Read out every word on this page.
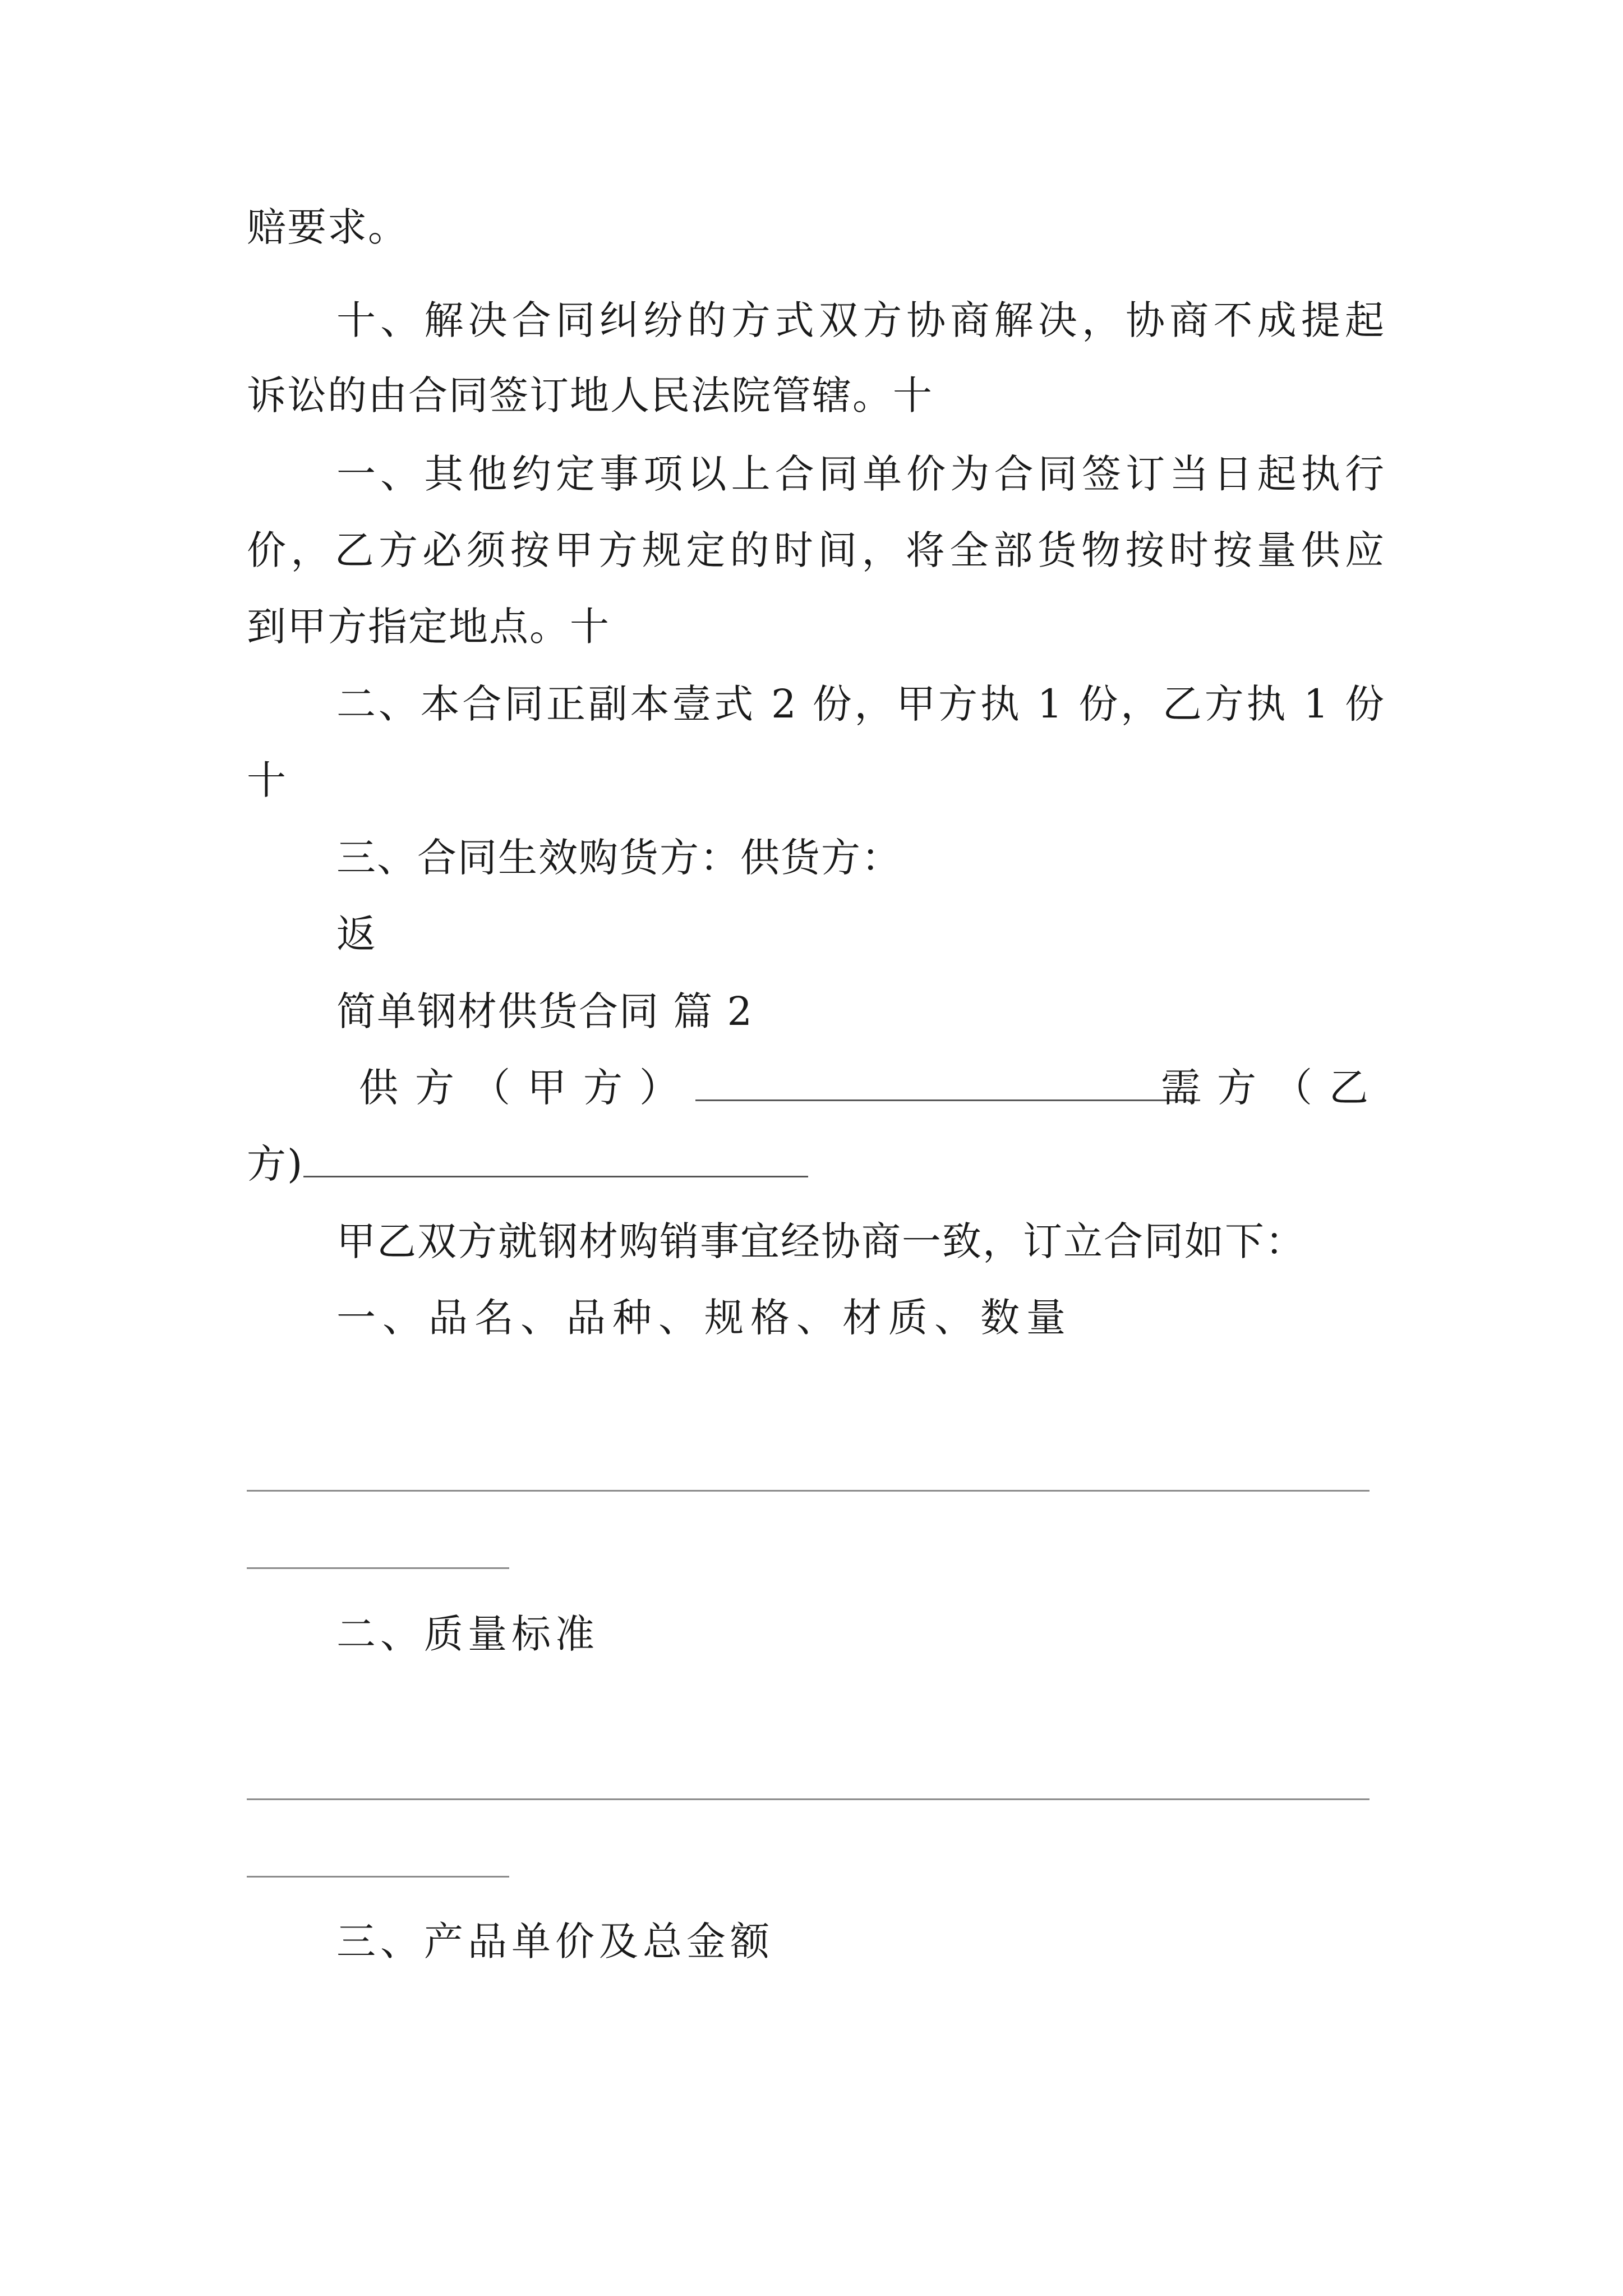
赔要求。
十、解决合同纠纷的方式双方协商解决，协商不成提起
诉讼的由合同签订地人民法院管辖。十
一、其他约定事项以上合同单价为合同签订当日起执行
价，乙方必须按甲方规定的时间，将全部货物按时按量供应
到甲方指定地点。十
二、本合同正副本壹式 2 份，甲方执 1 份，乙方执 1 份
十
三、合同生效购货方：供货方：
返
简单钢材供货合同 篇 2
供方（甲方）	需方（乙
方)
甲乙双方就钢材购销事宜经协商一致，订立合同如下：
一、品名、品种、规格、材质、数量
二、质量标准
三、产品单价及总金额
